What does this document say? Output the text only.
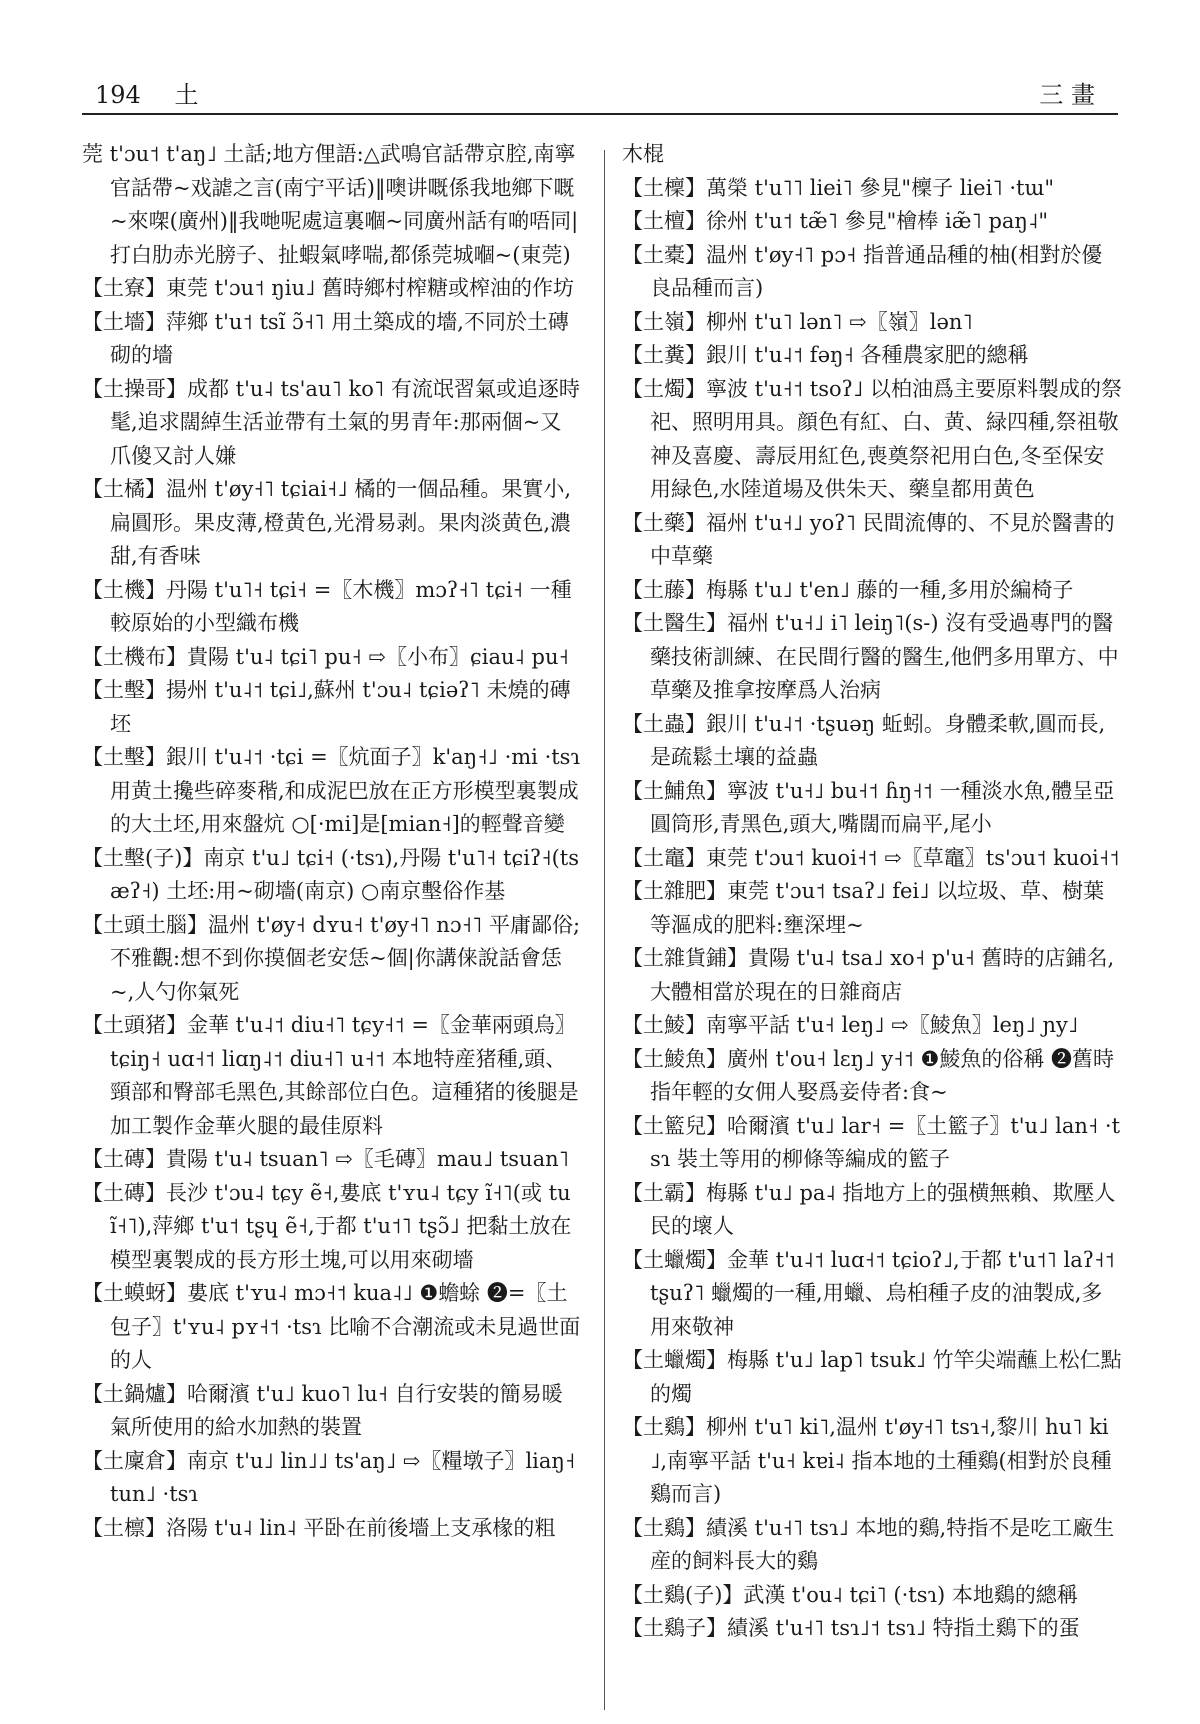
194 土	三 畫

莞 t'ɔu˦ t'aŋ˩ 土話;地方俚語:△武鳴官話帶京腔,南寧官話帶~戏謔之言(南宁平话)‖噢讲嘅係我地鄉下嘅~來㗎(廣州)‖我哋呢處這裏嗰~同廣州話有啲唔同|打白肋赤光膀子、扯蝦氣哮喘,都係莞城嗰~(東莞)

【土寮】東莞 t'ɔu˦ ŋiu˩ 舊時鄉村榨糖或榨油的作坊

【土墻】萍鄉 t'u˦ tsĩ ɔ̃˧˥ 用土築成的墻,不同於土磚砌的墻

【土操哥】成都 t'u˨ ts'au˥ ko˥ 有流氓習氣或追逐時髦,追求闊綽生活並帶有土氣的男青年:那兩個~又爪傻又討人嫌

【土橘】温州 t'øy˧˥ tɕiai˧˩ 橘的一個品種。果實小,扁圓形。果皮薄,橙黄色,光滑易剥。果肉淡黄色,濃甜,有香味

【土機】丹陽 t'u˥˧ tɕi˧ =〖木機〗mɔʔ˧˥ tɕi˧ 一種較原始的小型織布機

【土機布】貴陽 t'u˨ tɕi˥ pu˧ ⇨〖小布〗ɕiau˨ pu˧

【土墼】揚州 t'u˨˦ tɕi˩,蘇州 t'ɔu˨ tɕiəʔ˥ 未燒的磚坯

【土墼】銀川 t'u˨˦ ·tɕi =〖炕面子〗k'aŋ˧˩ ·mi ·tsɿ 用黄土攙些碎麥稭,和成泥巴放在正方形模型裏製成的大土坯,用來盤炕 ○[·mi]是[mian˧]的輕聲音變

【土墼(子)】南京 t'u˩ tɕi˧ (·tsɿ),丹陽 t'u˥˧ tɕiʔ˧(tsæʔ˧) 土坯:用~砌墻(南京) ○南京墼俗作基

【土頭土腦】温州 t'øy˧ dʏu˧ t'øy˧˥ nɔ˧˥ 平庸鄙俗;不雅觀:想不到你摸個老安恁~個|你講俫說話會恁~,人勺你氣死

【土頭猪】金華 t'u˨˦ diu˧˥ tɕy˧˦ =〖金華兩頭烏〗tɕiŋ˧ uɑ˧˦ liɑŋ˨˦ diu˧˥ u˧˦ 本地特産猪種,頭、頸部和臀部毛黑色,其餘部位白色。這種猪的後腿是加工製作金華火腿的最佳原料

【土磚】貴陽 t'u˨ tsuan˥ ⇨〖毛磚〗mau˩ tsuan˥

【土磚】長沙 t'ɔu˨ tɕy ẽ˧,婁底 t'ʏu˨ tɕy ĩ˧˥(或 tu ĩ˧˥),萍鄉 t'u˦ tʂɥ ẽ˧,于都 t'u˦˥ tʂɔ̃˩ 把黏土放在模型裏製成的長方形土塊,可以用來砌墻

【土蟆蚜】婁底 t'ʏu˨ mɔ˧˦ kua˨˩ ❶蟾蜍 ❷=〖土包子〗t'ʏu˨ pʏ˧˦ ·tsɿ 比喻不合潮流或未見過世面的人

【土鍋爐】哈爾濱 t'u˩ kuo˥ lu˧ 自行安裝的簡易暖氣所使用的給水加熱的裝置

【土廩倉】南京 t'u˩ lin˩˩ ts'aŋ˩ ⇨〖糧墩子〗liaŋ˧ tun˩ ·tsɿ

【土檩】洛陽 t'u˨ lin˨ 平卧在前後墻上支承椽的粗

木棍

【土檁】萬榮 t'u˥˥ liei˥ 參見"檁子 liei˥ ·tɯ"

【土檀】徐州 t'u˦ tæ̃˥ 參見"檜棒 iæ̃˥ paŋ˨"

【土橐】温州 t'øy˧˥ pɔ˧ 指普通品種的柚(相對於優良品種而言)

【土嶺】柳州 t'u˥ lən˥ ⇨〖嶺〗lən˥

【土糞】銀川 t'u˨˦ fəŋ˧ 各種農家肥的總稱

【土燭】寧波 t'u˧˦ tsoʔ˩ 以柏油爲主要原料製成的祭祀、照明用具。顔色有紅、白、黄、緑四種,祭祖敬神及喜慶、壽辰用紅色,喪奠祭祀用白色,冬至保安用緑色,水陸道場及供朱天、藥皇都用黄色

【土藥】福州 t'u˧˩ yoʔ˥ 民間流傳的、不見於醫書的中草藥

【土藤】梅縣 t'u˩ t'en˩ 藤的一種,多用於編椅子

【土醫生】福州 t'u˧˩ i˥ leiŋ˥(s-) 沒有受過專門的醫藥技術訓練、在民間行醫的醫生,他們多用單方、中草藥及推拿按摩爲人治病

【土蟲】銀川 t'u˨˦ ·tʂuəŋ 蚯蚓。身體柔軟,圓而長,是疏鬆土壤的益蟲

【土鯆魚】寧波 t'u˧˩ bu˧˦ ɦŋ˧˦ 一種淡水魚,體呈亞圓筒形,青黑色,頭大,嘴闊而扁平,尾小

【土竈】東莞 t'ɔu˦ kuoi˧˦ ⇨〖草竈〗ts'ɔu˦ kuoi˧˦

【土雜肥】東莞 t'ɔu˦ tsaʔ˩ fei˩ 以垃圾、草、樹葉等漚成的肥料:壅深埋~

【土雜貨鋪】貴陽 t'u˨ tsa˩ xo˧ p'u˧ 舊時的店鋪名,大體相當於現在的日雜商店

【土鯪】南寧平話 t'u˧ leŋ˩ ⇨〖鯪魚〗leŋ˩ ɲy˩

【土鯪魚】廣州 t'ou˧ lɛŋ˩ y˧˦ ❶鯪魚的俗稱 ❷舊時指年輕的女佣人娶爲妾侍者:食~

【土籃兒】哈爾濱 t'u˩ lar˧ =〖土籃子〗t'u˩ lan˧ ·tsɿ 裝土等用的柳條等編成的籃子

【土霸】梅縣 t'u˩ pa˨ 指地方上的强横無賴、欺壓人民的壞人

【土蠟燭】金華 t'u˨˦ luɑ˧˦ tɕioʔ˩,于都 t'u˦˥ laʔ˧˦ tʂuʔ˥ 蠟燭的一種,用蠟、烏桕種子皮的油製成,多用來敬神

【土蠟燭】梅縣 t'u˩ lap˥ tsuk˩ 竹竿尖端蘸上松仁點的燭

【土鷄】柳州 t'u˥ ki˥,温州 t'øy˧˥ tsɿ˧,黎川 hu˥ ki˩,南寧平話 t'u˧ kɐi˨ 指本地的土種鷄(相對於良種鷄而言)

【土鷄】績溪 t'u˧˥ tsɿ˩ 本地的鷄,特指不是吃工廠生産的飼料長大的鷄

【土鷄(子)】武漢 t'ou˨ tɕi˥ (·tsɿ) 本地鷄的總稱

【土鷄子】績溪 t'u˧˥ tsɿ˩˦ tsɿ˩ 特指土鷄下的蛋
